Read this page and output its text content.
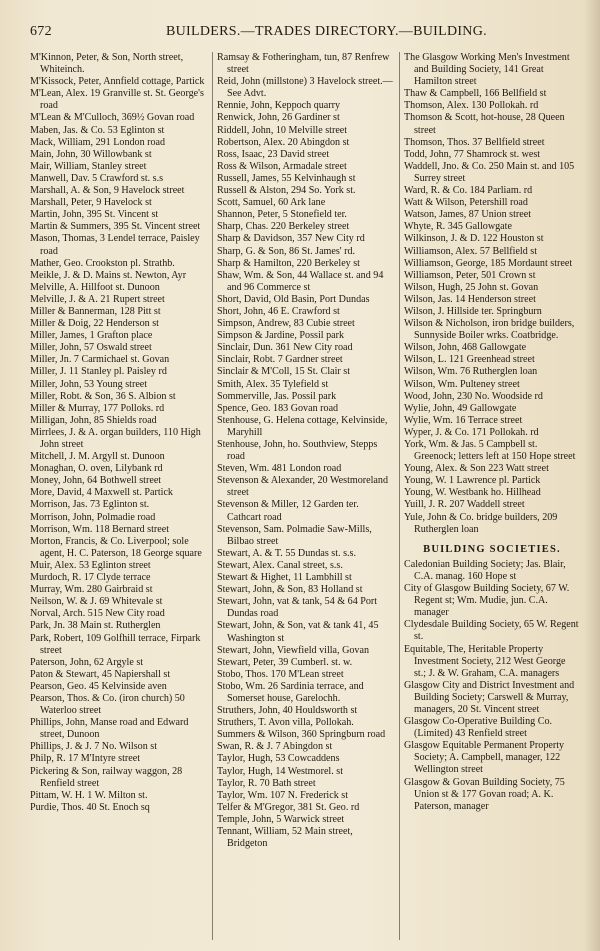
672	BUILDERS.—TRADES DIRECTORY.—BUILDING.

M'Kinnon, Peter, & Son, North street, Whiteinch.

M'Kissock, Peter, Annfield cottage, Partick

M'Lean, Alex. 19 Granville st. St. George's road

M'Lean & M'Culloch, 369½ Govan road

Maben, Jas. & Co. 53 Eglinton st

Mack, William, 291 London road

Main, John, 30 Willowbank st

Mair, William, Stanley street

Manwell, Dav. 5 Crawford st. s.s

Marshall, A. & Son, 9 Havelock street

Marshall, Peter, 9 Havelock st

Martin, John, 395 St. Vincent st

Martin & Summers, 395 St. Vincent street

Mason, Thomas, 3 Lendel terrace, Paisley road

Mather, Geo. Crookston pl. Strathb.

Meikle, J. & D. Mains st. Newton, Ayr

Melville, A. Hillfoot st. Dunoon

Melville, J. & A. 21 Rupert street

Miller & Bannerman, 128 Pitt st

Miller & Doig, 22 Henderson st

Miller, James, 1 Grafton place

Miller, John, 57 Oswald street

Miller, Jn. 7 Carmichael st. Govan

Miller, J. 11 Stanley pl. Paisley rd

Miller, John, 53 Young street

Miller, Robt. & Son, 36 S. Albion st

Miller & Murray, 177 Polloks. rd

Milligan, John, 85 Shields road

Mirrlees, J. & A. organ builders, 110 High John street

Mitchell, J. M. Argyll st. Dunoon

Monaghan, O. oven, Lilybank rd

Money, John, 64 Bothwell street

More, David, 4 Maxwell st. Partick

Morrison, Jas. 73 Eglinton st.

Morrison, John, Polmadie road

Morrison, Wm. 118 Bernard street

Morton, Francis, & Co. Liverpool; sole agent, H. C. Paterson, 18 George square

Muir, Alex. 53 Eglinton street

Murdoch, R. 17 Clyde terrace

Murray, Wm. 280 Gairbraid st

Neilson, W. & J. 69 Whitevale st

Norval, Arch. 515 New City road

Park, Jn. 38 Main st. Rutherglen

Park, Robert, 109 Golfhill terrace, Firpark street

Paterson, John, 62 Argyle st

Paton & Stewart, 45 Napiershall st

Pearson, Geo. 45 Kelvinside aven

Pearson, Thos. & Co. (iron church) 50 Waterloo street

Phillips, John, Manse road and Edward street, Dunoon

Phillips, J. & J. 7 No. Wilson st

Philp, R. 17 M'Intyre street

Pickering & Son, railway waggon, 28 Renfield street

Pittam, W. H. 1 W. Milton st.

Purdie, Thos. 40 St. Enoch sq

Ramsay & Fotheringham, tun, 87 Renfrew street

Reid, John (millstone) 3 Havelock street.—See Advt.

Rennie, John, Keppoch quarry

Renwick, John, 26 Gardiner st

Riddell, John, 10 Melville street

Robertson, Alex. 20 Abingdon st

Ross, Isaac, 23 David street

Ross & Wilson, Armadale street

Russell, James, 55 Kelvinhaugh st

Russell & Alston, 294 So. York st.

Scott, Samuel, 60 Ark lane

Shannon, Peter, 5 Stonefield ter.

Sharp, Chas. 220 Berkeley street

Sharp & Davidson, 357 New City rd

Sharp, G. & Son, 86 St. James' rd.

Sharp & Hamilton, 220 Berkeley st

Shaw, Wm. & Son, 44 Wallace st. and 94 and 96 Commerce st

Short, David, Old Basin, Port Dundas

Short, John, 46 E. Crawford st

Simpson, Andrew, 83 Cubie street

Simpson & Jardine, Possil park

Sinclair, Dun. 361 New City road

Sinclair, Robt. 7 Gardner street

Sinclair & M'Coll, 15 St. Clair st

Smith, Alex. 35 Tylefield st

Sommerville, Jas. Possil park

Spence, Geo. 183 Govan road

Stenhouse, G. Helena cottage, Kelvinside, Maryhill

Stenhouse, John, ho. Southview, Stepps road

Steven, Wm. 481 London road

Stevenson & Alexander, 20 Westmoreland street

Stevenson & Miller, 12 Garden ter. Cathcart road

Stevenson, Sam. Polmadie Saw-Mills, Bilbao street

Stewart, A. & T. 55 Dundas st. s.s.

Stewart, Alex. Canal street, s.s.

Stewart & Highet, 11 Lambhill st

Stewart, John, & Son, 83 Holland st

Stewart, John, vat & tank, 54 & 64 Port Dundas road

Stewart, John, & Son, vat & tank 41, 45 Washington st

Stewart, John, Viewfield villa, Govan

Stewart, Peter, 39 Cumberl. st. w.

Stobo, Thos. 170 M'Lean street

Stobo, Wm. 26 Sardinia terrace, and Somerset house, Garelochh.

Struthers, John, 40 Houldsworth st

Struthers, T. Avon villa, Pollokah.

Summers & Wilson, 360 Springburn road

Swan, R. & J. 7 Abingdon st

Taylor, Hugh, 53 Cowcaddens

Taylor, Hugh, 14 Westmorel. st

Taylor, R. 70 Bath street

Taylor, Wm. 107 N. Frederick st

Telfer & M'Gregor, 381 St. Geo. rd

Temple, John, 5 Warwick street

Tennant, William, 52 Main street, Bridgeton

The Glasgow Working Men's Investment and Building Society, 141 Great Hamilton street

Thaw & Campbell, 166 Bellfield st

Thomson, Alex. 130 Pollokah. rd

Thomson & Scott, hot-house, 28 Queen street

Thomson, Thos. 37 Bellfield street

Todd, John, 77 Shamrock st. west

Waddell, Jno. & Co. 250 Main st. and 105 Surrey street

Ward, R. & Co. 184 Parliam. rd

Watt & Wilson, Petershill road

Watson, James, 87 Union street

Whyte, R. 345 Gallowgate

Wilkinson, J. & D. 122 Houston st

Williamson, Alex. 57 Bellfield st

Williamson, George, 185 Mordaunt street

Williamson, Peter, 501 Crown st

Wilson, Hugh, 25 John st. Govan

Wilson, Jas. 14 Henderson street

Wilson, J. Hillside ter. Springburn

Wilson & Nicholson, iron bridge builders, Sunnyside Boiler wrks. Coatbridge.

Wilson, John, 468 Gallowgate

Wilson, L. 121 Greenhead street

Wilson, Wm. 76 Rutherglen loan

Wilson, Wm. Pulteney street

Wood, John, 230 No. Woodside rd

Wylie, John, 49 Gallowgate

Wylie, Wm. 16 Terrace street

Wyper, J. & Co. 171 Pollokah. rd

York, Wm. & Jas. 5 Campbell st. Greenock; letters left at 150 Hope street

Young, Alex. & Son 223 Watt street

Young, W. 1 Lawrence pl. Partick

Young, W. Westbank ho. Hillhead

Yuill, J. R. 207 Waddell street

Yule, John & Co. bridge builders, 209 Rutherglen loan

BUILDING SOCIETIES.

Caledonian Building Society; Jas. Blair, C.A. manag. 160 Hope st

City of Glasgow Building Society, 67 W. Regent st; Wm. Mudie, jun. C.A. manager

Clydesdale Building Society, 65 W. Regent st.

Equitable, The, Heritable Property Investment Society, 212 West George st.; J. & W. Graham, C.A. managers

Glasgow City and District Investment and Building Society; Carswell & Murray, managers, 20 St. Vincent street

Glasgow Co-Operative Building Co. (Limited) 43 Renfield street

Glasgow Equitable Permanent Property Society; A. Campbell, manager, 122 Wellington street

Glasgow & Govan Building Society, 75 Union st & 177 Govan road; A. K. Paterson, manager
